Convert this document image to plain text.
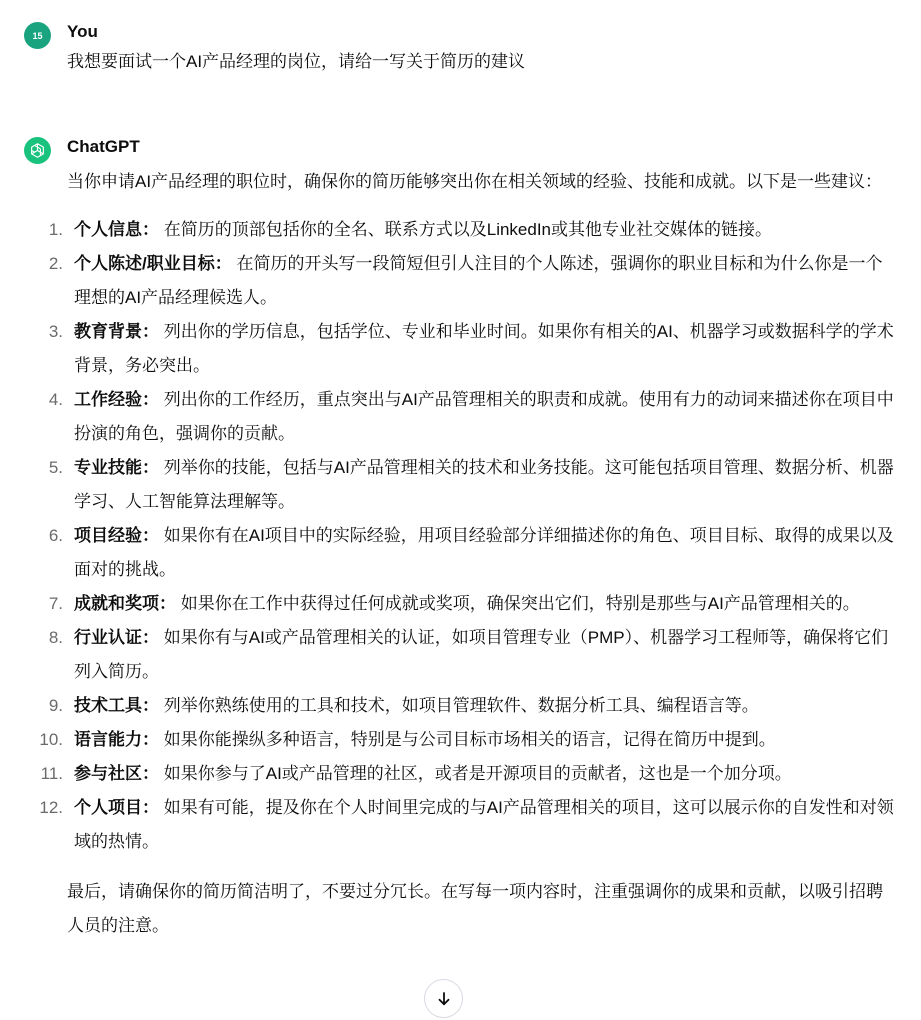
15 You
我想要面试一个AI产品经理的岗位，请给一写关于简历的建议
ChatGPT

当你申请AI产品经理的职位时，确保你的简历能够突出你在相关领域的经验、技能和成就。以下是一些建议：

1. 个人信息： 在简历的顶部包括你的全名、联系方式以及LinkedIn或其他专业社交媒体的链接。
2. 个人陈述/职业目标： 在简历的开头写一段简短但引人注目的个人陈述，强调你的职业目标和为什么你是一个理想的AI产品经理候选人。
3. 教育背景： 列出你的学历信息，包括学位、专业和毕业时间。如果你有相关的AI、机器学习或数据科学的学术背景，务必突出。
4. 工作经验： 列出你的工作经历，重点突出与AI产品管理相关的职责和成就。使用有力的动词来描述你在项目中扮演的角色，强调你的贡献。
5. 专业技能： 列举你的技能，包括与AI产品管理相关的技术和业务技能。这可能包括项目管理、数据分析、机器学习、人工智能算法理解等。
6. 项目经验： 如果你有在AI项目中的实际经验，用项目经验部分详细描述你的角色、项目目标、取得的成果以及面对的挑战。
7. 成就和奖项： 如果你在工作中获得过任何成就或奖项，确保突出它们，特别是那些与AI产品管理相关的。
8. 行业认证： 如果你有与AI或产品管理相关的认证，如项目管理专业（PMP）、机器学习工程师等，确保将它们列入简历。
9. 技术工具： 列举你熟练使用的工具和技术，如项目管理软件、数据分析工具、编程语言等。
10. 语言能力： 如果你能操纵多种语言，特别是与公司目标市场相关的语言，记得在简历中提到。
11. 参与社区： 如果你参与了AI或产品管理的社区，或者是开源项目的贡献者，这也是一个加分项。
12. 个人项目： 如果有可能，提及你在个人时间里完成的与AI产品管理相关的项目，这可以展示你的自发性和对领域的热情。

最后，请确保你的简历简洁明了，不要过分冗长。在写每一项内容时，注重强调你的成果和贡献，以吸引招聘人员的注意。
